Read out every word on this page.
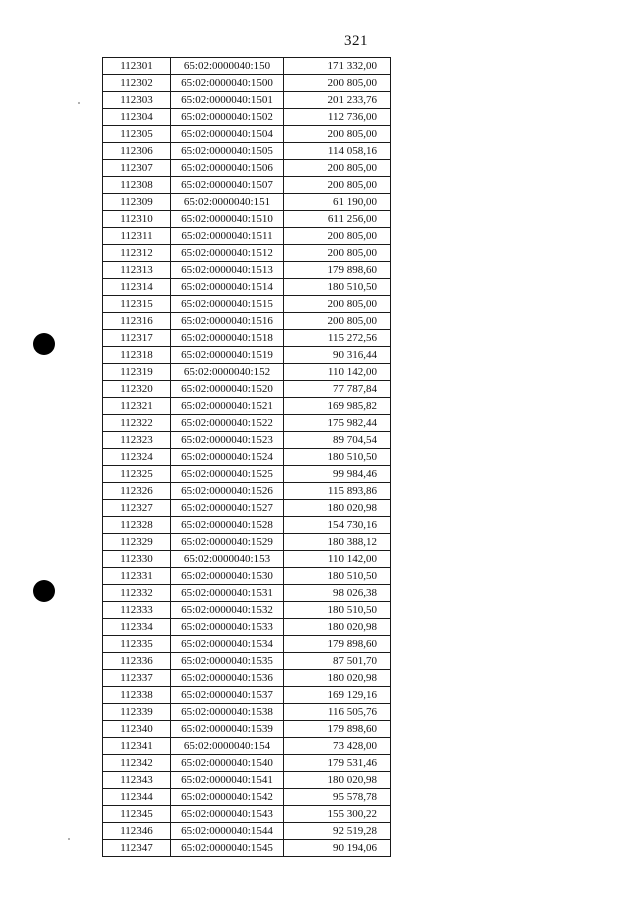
321
112301	65:02:0000040:150	171 332,00
112302	65:02:0000040:1500	200 805,00
112303	65:02:0000040:1501	201 233,76
112304	65:02:0000040:1502	112 736,00
112305	65:02:0000040:1504	200 805,00
112306	65:02:0000040:1505	114 058,16
112307	65:02:0000040:1506	200 805,00
112308	65:02:0000040:1507	200 805,00
112309	65:02:0000040:151	61 190,00
112310	65:02:0000040:1510	611 256,00
112311	65:02:0000040:1511	200 805,00
112312	65:02:0000040:1512	200 805,00
112313	65:02:0000040:1513	179 898,60
112314	65:02:0000040:1514	180 510,50
112315	65:02:0000040:1515	200 805,00
112316	65:02:0000040:1516	200 805,00
112317	65:02:0000040:1518	115 272,56
112318	65:02:0000040:1519	90 316,44
112319	65:02:0000040:152	110 142,00
112320	65:02:0000040:1520	77 787,84
112321	65:02:0000040:1521	169 985,82
112322	65:02:0000040:1522	175 982,44
112323	65:02:0000040:1523	89 704,54
112324	65:02:0000040:1524	180 510,50
112325	65:02:0000040:1525	99 984,46
112326	65:02:0000040:1526	115 893,86
112327	65:02:0000040:1527	180 020,98
112328	65:02:0000040:1528	154 730,16
112329	65:02:0000040:1529	180 388,12
112330	65:02:0000040:153	110 142,00
112331	65:02:0000040:1530	180 510,50
112332	65:02:0000040:1531	98 026,38
112333	65:02:0000040:1532	180 510,50
112334	65:02:0000040:1533	180 020,98
112335	65:02:0000040:1534	179 898,60
112336	65:02:0000040:1535	87 501,70
112337	65:02:0000040:1536	180 020,98
112338	65:02:0000040:1537	169 129,16
112339	65:02:0000040:1538	116 505,76
112340	65:02:0000040:1539	179 898,60
112341	65:02:0000040:154	73 428,00
112342	65:02:0000040:1540	179 531,46
112343	65:02:0000040:1541	180 020,98
112344	65:02:0000040:1542	95 578,78
112345	65:02:0000040:1543	155 300,22
112346	65:02:0000040:1544	92 519,28
112347	65:02:0000040:1545	90 194,06
